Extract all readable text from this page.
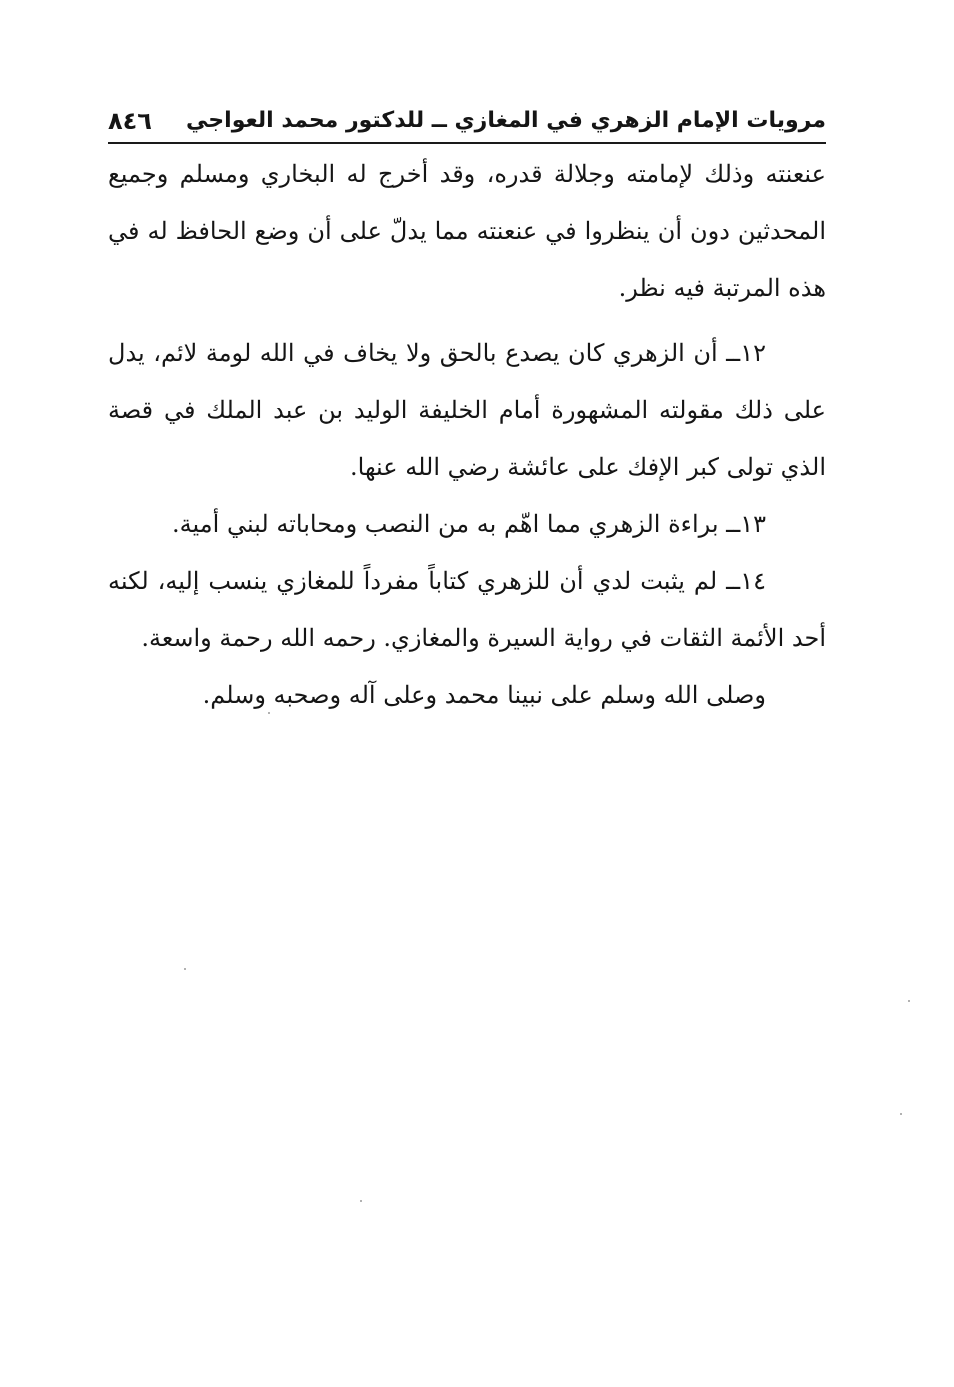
مرويات الإمام الزهري في المغازي ــ للدكتور محمد العواجي
٨٤٦

عنعنته وذلك لإمامته وجلالة قدره، وقد أخرج له البخاري ومسلم وجميع المحدثين دون أن ينظروا في عنعنته مما يدلّ على أن وضع الحافظ له في هذه المرتبة فيه نظر.

١٢ــ أن الزهري كان يصدع بالحق ولا يخاف في الله لومة لائم، يدل على ذلك مقولته المشهورة أمام الخليفة الوليد بن عبد الملك في قصة الذي تولى كبر الإفك على عائشة رضي الله عنها.

١٣ــ براءة الزهري مما اهّم به من النصب ومحاباته لبني أمية.

١٤ــ لم يثبت لدي أن للزهري كتاباً مفرداً للمغازي ينسب إليه، لكنه أحد الأئمة الثقات في رواية السيرة والمغازي. رحمه الله رحمة واسعة.

وصلى الله وسلم على نبينا محمد وعلى آله وصحبه وسلم.
